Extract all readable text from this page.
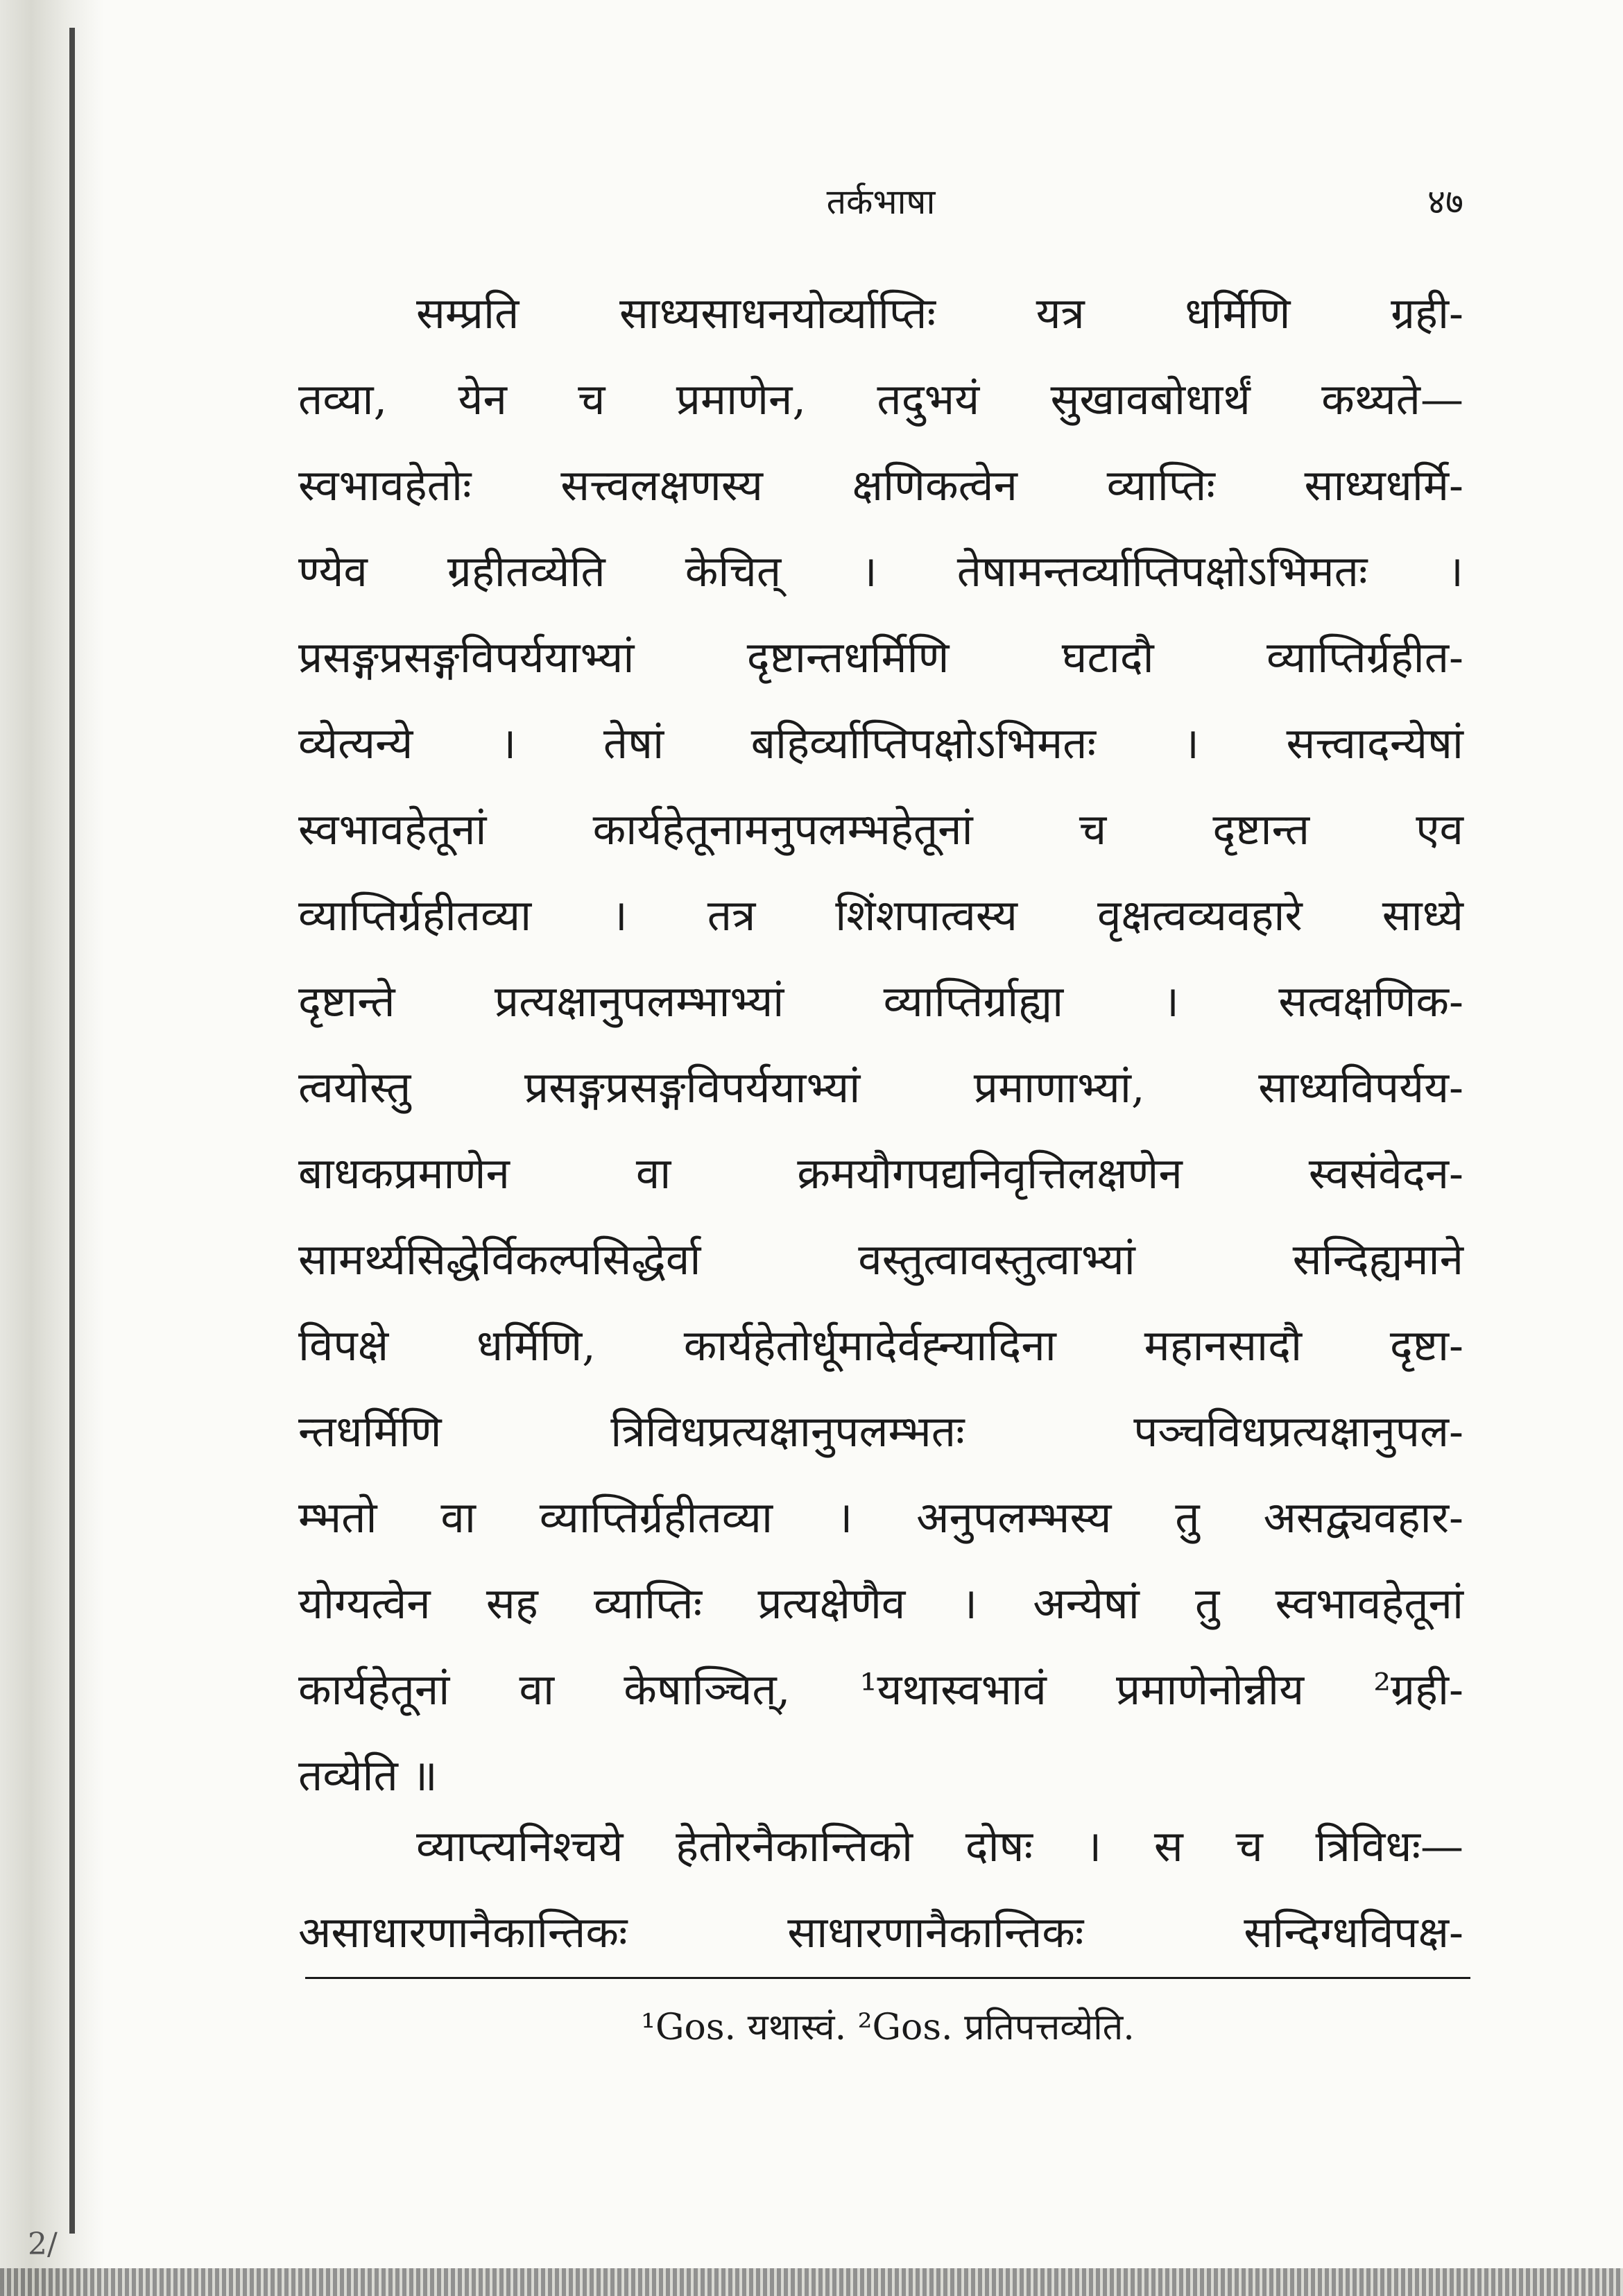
तर्कभाषा	४७
सम्प्रति साध्यसाधनयोर्व्याप्तिः यत्र धर्मिणि ग्रही-
तव्या, येन च प्रमाणेन, तदुभयं सुखावबोधार्थं कथ्यते—
स्वभावहेतोः सत्त्वलक्षणस्य क्षणिकत्वेन व्याप्तिः साध्यधर्मि-
ण्येव ग्रहीतव्येति केचित् । तेषामन्तर्व्याप्तिपक्षोऽभिमतः ।
प्रसङ्गप्रसङ्गविपर्ययाभ्यां दृष्टान्तधर्मिणि घटादौ व्याप्तिर्ग्रहीत-
व्येत्यन्ये । तेषां बहिर्व्याप्तिपक्षोऽभिमतः । सत्त्वादन्येषां
स्वभावहेतूनां कार्यहेतूनामनुपलम्भहेतूनां च दृष्टान्त एव
व्याप्तिर्ग्रहीतव्या । तत्र शिंशपात्वस्य वृक्षत्वव्यवहारे साध्ये
दृष्टान्ते प्रत्यक्षानुपलम्भाभ्यां व्याप्तिर्ग्राह्या । सत्वक्षणिक-
त्वयोस्तु प्रसङ्गप्रसङ्गविपर्ययाभ्यां प्रमाणाभ्यां, साध्यविपर्यय-
बाधकप्रमाणेन वा क्रमयौगपद्यनिवृत्तिलक्षणेन स्वसंवेदन-
सामर्थ्यसिद्धेर्विकल्पसिद्धेर्वा वस्तुत्वावस्तुत्वाभ्यां सन्दिह्यमाने
विपक्षे धर्मिणि, कार्यहेतोर्धूमादेर्वह्न्यादिना महानसादौ दृष्टा-
न्तधर्मिणि त्रिविधप्रत्यक्षानुपलम्भतः पञ्चविधप्रत्यक्षानुपल-
म्भतो वा व्याप्तिर्ग्रहीतव्या । अनुपलम्भस्य तु असद्व्यवहार-
योग्यत्वेन सह व्याप्तिः प्रत्यक्षेणैव । अन्येषां तु स्वभावहेतूनां
कार्यहेतूनां वा केषाञ्चित्, ¹यथास्वभावं प्रमाणेनोन्नीय ²ग्रही-
तव्येति ॥
व्याप्त्यनिश्चये हेतोरनैकान्तिको दोषः । स च त्रिविधः—
असाधारणानैकान्तिकः साधारणानैकान्तिकः सन्दिग्धविपक्ष-
¹Gos. यथास्वं. ²Gos. प्रतिपत्तव्येति.
2/
